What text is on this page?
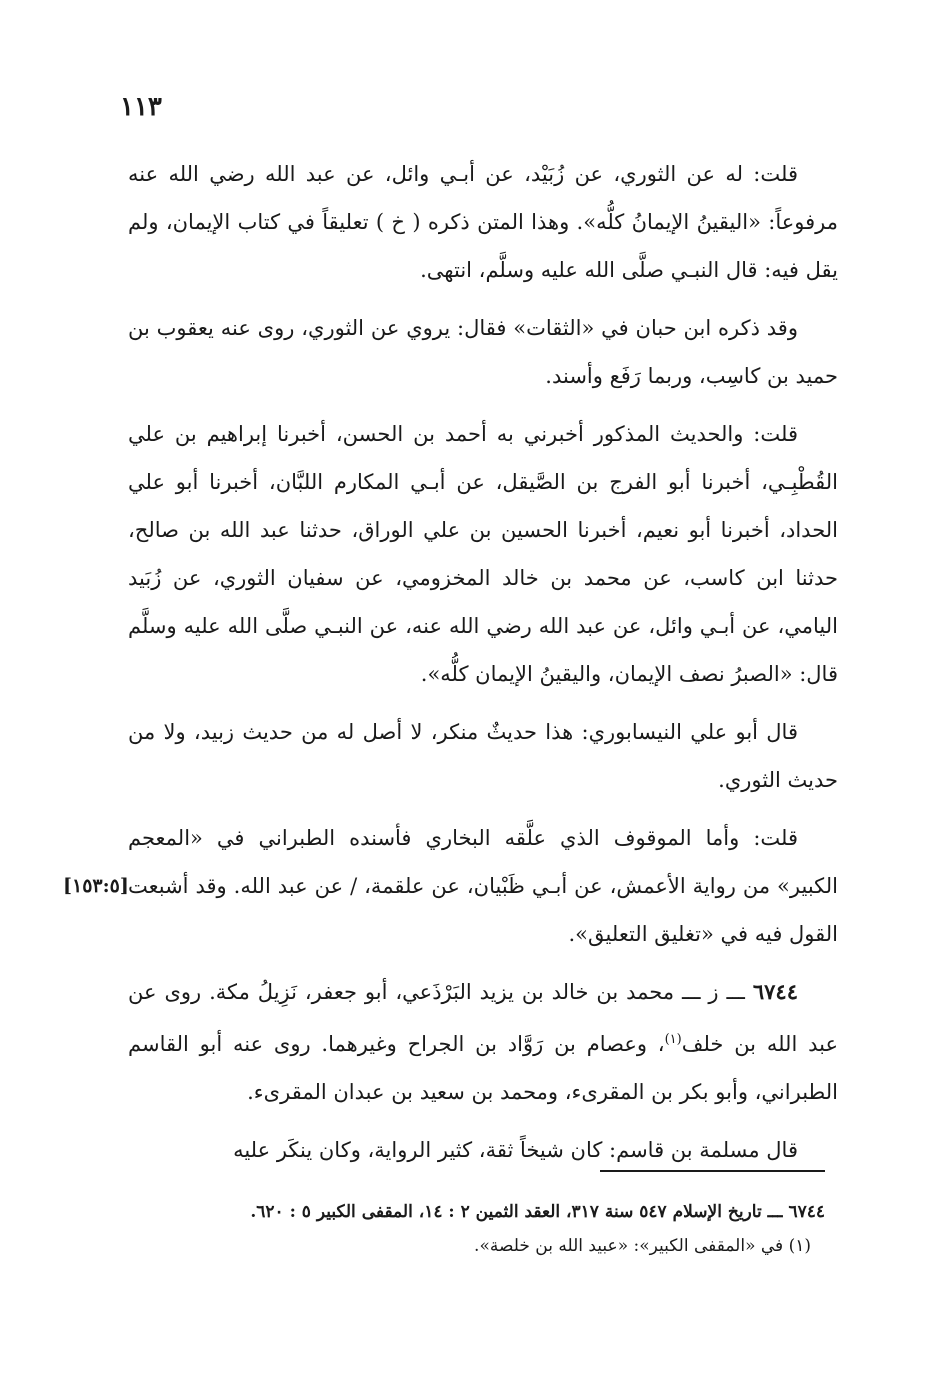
١١٣

قلت: له عن الثوري، عن زُبَيْد، عن أبـي وائل، عن عبد الله رضي الله عنه مرفوعاً: «اليقينُ الإيمانُ كلُّه». وهذا المتن ذكره ( خ ) تعليقاً في كتاب الإيمان، ولم يقل فيه: قال النبـي صلَّى الله عليه وسلَّم، انتهى.

وقد ذكره ابن حبان في «الثقات» فقال: يروي عن الثوري، روى عنه يعقوب بن حميد بن كاسِب، وربما رَفَع وأسند.

قلت: والحديث المذكور أخبرني به أحمد بن الحسن، أخبرنا إبراهيم بن علي القُطْبِـي، أخبرنا أبو الفرج بن الصَّيقل، عن أبـي المكارم اللبَّان، أخبرنا أبو علي الحداد، أخبرنا أبو نعيم، أخبرنا الحسين بن علي الوراق، حدثنا عبد الله بن صالح، حدثنا ابن كاسب، عن محمد بن خالد المخزومي، عن سفيان الثوري، عن زُبَيد اليامي، عن أبـي وائل، عن عبد الله رضي الله عنه، عن النبـي صلَّى الله عليه وسلَّم قال: «الصبرُ نصف الإيمان، واليقينُ الإيمان كلُّه».

قال أبو علي النيسابوري: هذا حديثٌ منكر، لا أصل له من حديث زبيد، ولا من حديث الثوري.

قلت: وأما الموقوف الذي علَّقه البخاري فأسنده الطبراني في «المعجم الكبير» من رواية الأعمش، عن أبـي ظَبْيان، عن علقمة، / عن عبد الله. وقد أشبعت القول فيه في «تغليق التعليق».
[١٥٣:٥]

٦٧٤٤ ـــ ز ـــ محمد بن خالد بن يزيد البَرْذَعي، أبو جعفر، نَزِيلُ مكة. روى عن عبد الله بن خلف$^{(١)}$، وعصام بن رَوَّاد بن الجراح وغيرهما. روى عنه أبو القاسم الطبراني، وأبو بكر بن المقرىء، ومحمد بن سعيد بن عبدان المقرىء.

قال مسلمة بن قاسم: كان شيخاً ثقة، كثير الرواية، وكان ينكَر عليه

٦٧٤٤ ـــ تاريخ الإسلام ٥٤٧ سنة ٣١٧، العقد الثمين ٢ : ١٤، المقفى الكبير ٥ : ٦٢٠.

(١) في «المقفى الكبير»: «عبيد الله بن خلصة».
